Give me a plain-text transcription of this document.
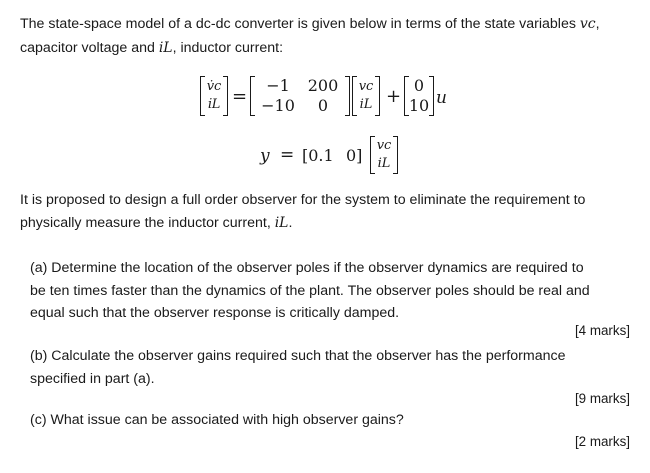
The state-space model of a dc-dc converter is given below in terms of the state variables vc,
capacitor voltage and iL, inductor current:
v̇c
i̇L =
−1	200
−10	0
vc
iL +
0
10 u
y = [0.1 0]
vc
iL
It is proposed to design a full order observer for the system to eliminate the requirement to
physically measure the inductor current, iL.
(a) Determine the location of the observer poles if the observer dynamics are required to
be ten times faster than the dynamics of the plant. The observer poles should be real and
equal such that the observer response is critically damped.
[4 marks]
(b) Calculate the observer gains required such that the observer has the performance
specified in part (a).
[9 marks]
(c) What issue can be associated with high observer gains?
[2 marks]
